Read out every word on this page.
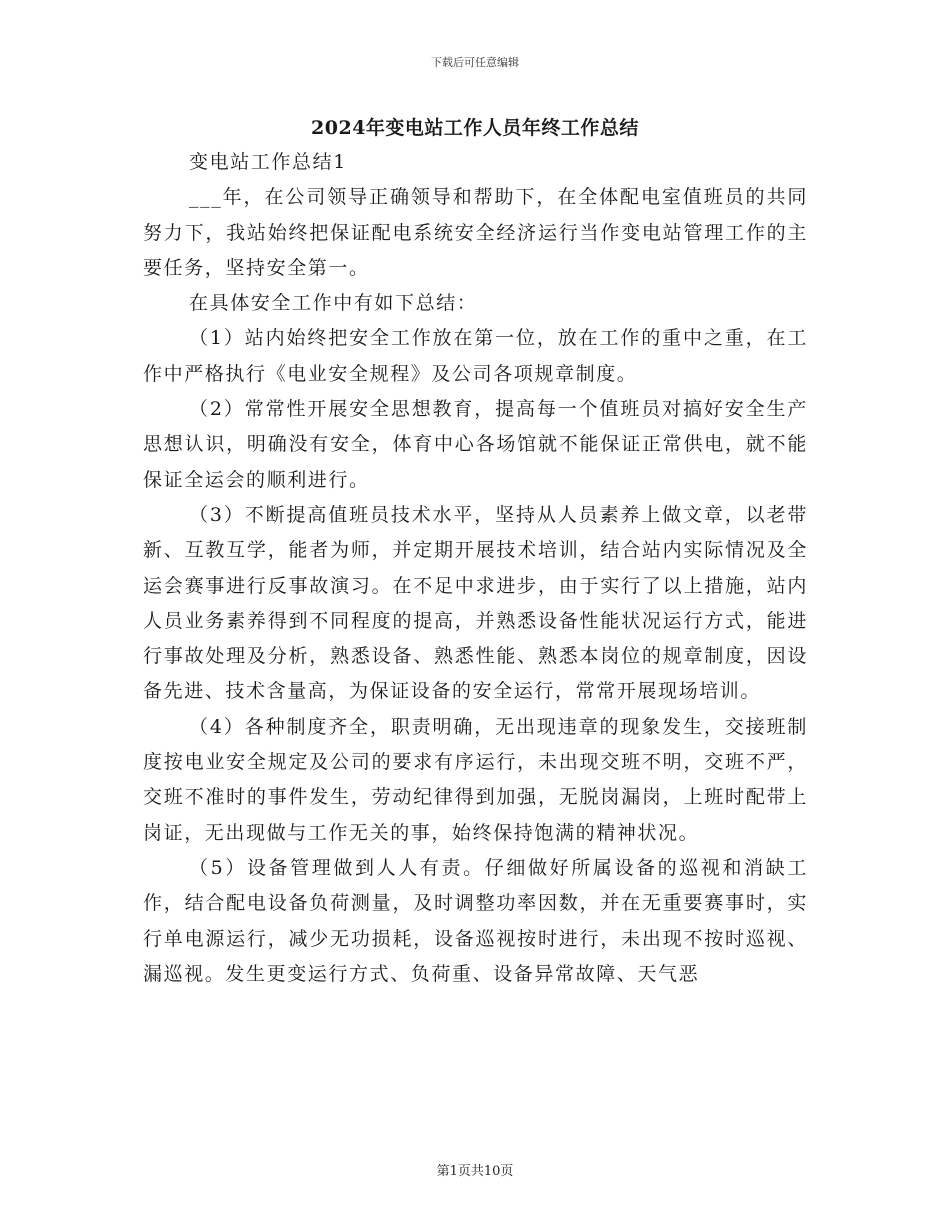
下载后可任意编辑
2024年变电站工作人员年终工作总结

变电站工作总结1

___年，在公司领导正确领导和帮助下，在全体配电室值班员的共同努力下，我站始终把保证配电系统安全经济运行当作变电站管理工作的主要任务，坚持安全第一。

在具体安全工作中有如下总结：

（1）站内始终把安全工作放在第一位，放在工作的重中之重，在工作中严格执行《电业安全规程》及公司各项规章制度。

（2）常常性开展安全思想教育，提高每一个值班员对搞好安全生产思想认识，明确没有安全，体育中心各场馆就不能保证正常供电，就不能保证全运会的顺利进行。

（3）不断提高值班员技术水平，坚持从人员素养上做文章，以老带新、互教互学，能者为师，并定期开展技术培训，结合站内实际情况及全运会赛事进行反事故演习。在不足中求进步，由于实行了以上措施，站内人员业务素养得到不同程度的提高，并熟悉设备性能状况运行方式，能进行事故处理及分析，熟悉设备、熟悉性能、熟悉本岗位的规章制度，因设备先进、技术含量高，为保证设备的安全运行，常常开展现场培训。

（4）各种制度齐全，职责明确，无出现违章的现象发生，交接班制度按电业安全规定及公司的要求有序运行，未出现交班不明，交班不严，交班不准时的事件发生，劳动纪律得到加强，无脱岗漏岗，上班时配带上岗证，无出现做与工作无关的事，始终保持饱满的精神状况。

（5）设备管理做到人人有责。仔细做好所属设备的巡视和消缺工作，结合配电设备负荷测量，及时调整功率因数，并在无重要赛事时，实行单电源运行，减少无功损耗，设备巡视按时进行，未出现不按时巡视、漏巡视。发生更变运行方式、负荷重、设备异常故障、天气恶

第1页共10页
